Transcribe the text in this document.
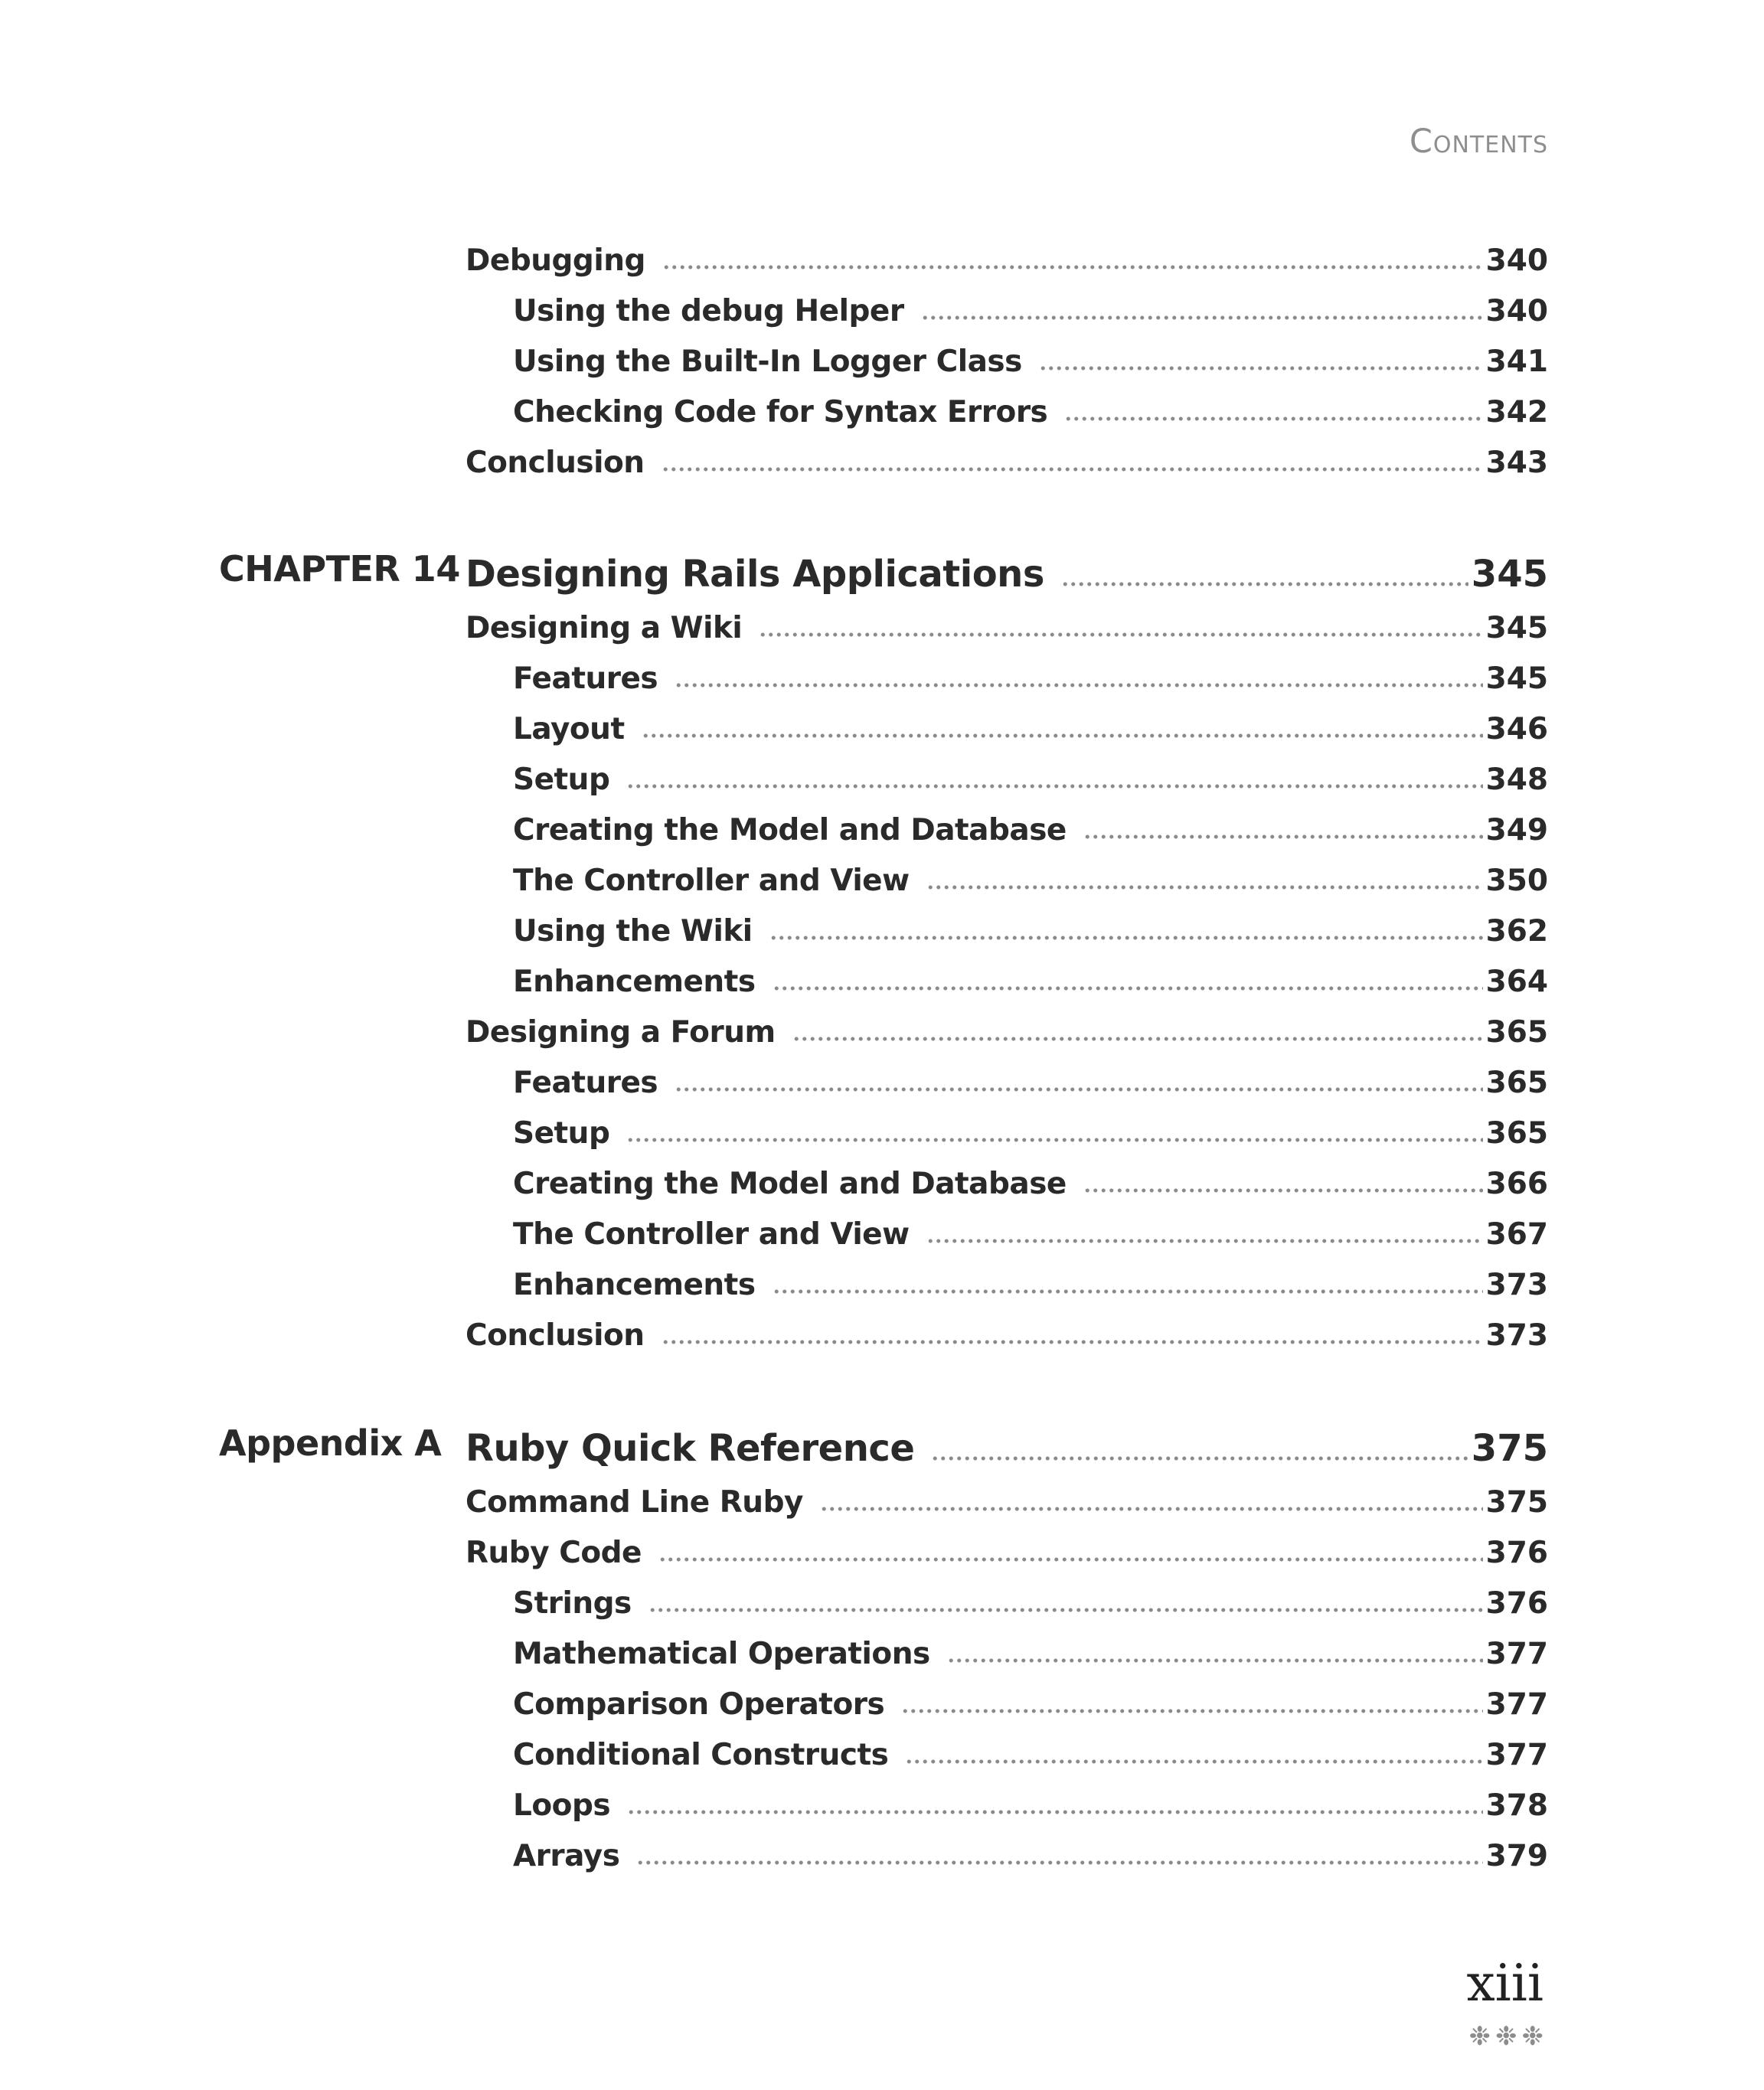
Contents
Debugging	340
Using the debug Helper	340
Using the Built-In Logger Class	341
Checking Code for Syntax Errors	342
Conclusion	343
CHAPTER 14 Designing Rails Applications	345
Designing a Wiki	345
Features	345
Layout	346
Setup	348
Creating the Model and Database	349
The Controller and View	350
Using the Wiki	362
Enhancements	364
Designing a Forum	365
Features	365
Setup	365
Creating the Model and Database	366
The Controller and View	367
Enhancements	373
Conclusion	373
Appendix A Ruby Quick Reference	375
Command Line Ruby	375
Ruby Code	376
Strings	376
Mathematical Operations	377
Comparison Operators	377
Conditional Constructs	377
Loops	378
Arrays	379
xiii
❉❉❉
